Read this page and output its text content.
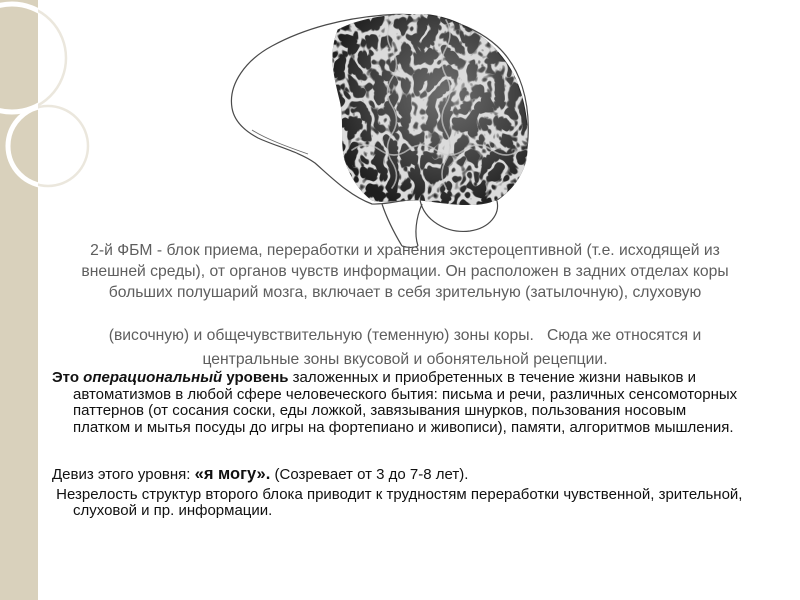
2-й ФБМ - блок приема, переработки и хранения экстероцептивной (т.е. исходящей из
внешней среды), от органов чувств информации. Он расположен в задних отделах коры
больших полушарий мозга, включает в себя зрительную (затылочную), слуховую
(височную) и общечувствительную (теменную) зоны коры.   Сюда же относятся и
центральные зоны вкусовой и обонятельной рецепции.
Это операциональный уровень заложенных и приобретенных в течение жизни навыков и
автоматизмов в любой сфере человеческого бытия: письма и речи, различных сенсомоторных
паттернов (от сосания соски, еды ложкой, завязывания шнурков, пользования носовым
платком и мытья посуды до игры на фортепиано и живописи), памяти, алгоритмов мышления.
Девиз этого уровня: «я могу». (Созревает от 3 до 7-8 лет).
Незрелость структур второго блока приводит к трудностям переработки чувственной, зрительной,
слуховой и пр. информации.
